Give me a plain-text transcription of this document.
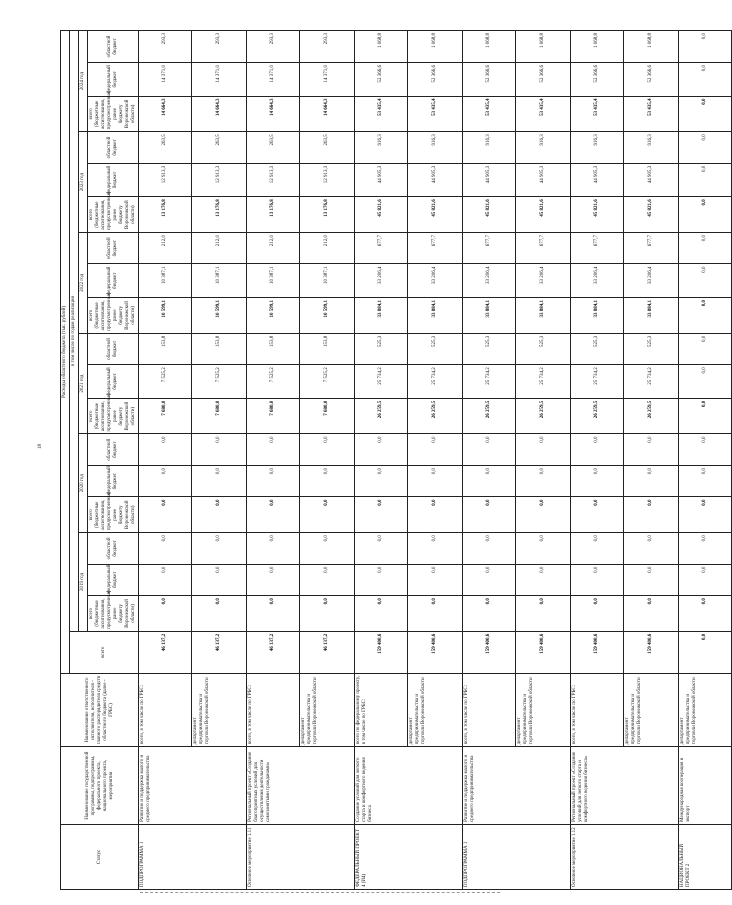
18
Статус	Наименование государственной программы, подпрограммы, федерального проекта, национального проекта, мероприятия	Наименование ответственного исполнителя, исполнителя - главного распорядителя средств областного бюджета (далее - ГРБС)	Расходы областного бюджета (тыс. рублей)																		
			всего	в том числе по годам реализации																	
				2019 год			2020 год			2021 год			2022 год			2023 год			2024 год		
				всего (бюджетные ассигнования, предусмотренные ранее бюджету Воронежской области)	федеральный бюджет	областной бюджет	всего (бюджетные ассигнования, предусмотренные ранее бюджету Воронежской области)	федеральный бюджет	областной бюджет	всего (бюджетные ассигнования, предусмотренные ранее бюджету Воронежской области)	федеральный бюджет	областной бюджет	всего (бюджетные ассигнования, предусмотренные ранее бюджету Воронежской области)	федеральный бюджет	областной бюджет	всего (бюджетные ассигнования, предусмотренные ранее бюджету Воронежской области)	федеральный бюджет	областной бюджет	всего (бюджетные ассигнования, предусмотренные ранее бюджету Воронежской области)	федеральный бюджет	областной бюджет
ПОДПРОГРАММА 1	Развитие и поддержка малого и среднего предпринимательства	всего, в том числе по ГРБС:	46 137,2	0,0	0,0	0,0	0,0	0,0	0,0	7 680,0	7 525,2	153,8	10 599,1	10 387,1	212,0	13 176,8	12 913,3	263,5	14 664,3	14 371,0	293,3
		департамент предпринимательства и торговли Воронежской области	46 137,2	0,0	0,0	0,0	0,0	0,0	0,0	7 680,0	7 525,2	153,8	10 599,1	10 387,1	212,0	13 176,8	12 913,3	263,5	14 664,3	14 371,0	293,3
Основное мероприятие 1.11	Региональный проект «Создание благоприятных условий для осуществления деятельности самозанятыми гражданами»	всего, в том числе по ГРБС:	46 137,2	0,0	0,0	0,0	0,0	0,0	0,0	7 680,0	7 525,2	153,8	10 599,1	10 387,1	212,0	13 176,8	12 913,3	263,5	14 664,3	14 371,0	293,3
		департамент предпринимательства и торговли Воронежской области	46 137,2	0,0	0,0	0,0	0,0	0,0	0,0	7 680,0	7 525,2	153,8	10 599,1	10 387,1	212,0	13 176,8	12 913,3	263,5	14 664,3	14 371,0	293,3
ФЕДЕРАЛЬНЫЙ ПРОЕКТ 4 (И4)	Создание условий для легкого старта и комфортного ведения бизнеса	всего по федеральному проекту, в том числе по ГРБС:	159 400,6	0,0	0,0	0,0	0,0	0,0	0,0	26 259,5	25 734,2	525,3	33 884,1	33 206,4	677,7	45 821,6	44 905,3	916,3	53 435,4	52 366,6	1 068,8
		департамент предпринимательства и торговли Воронежской области	159 400,6	0,0	0,0	0,0	0,0	0,0	0,0	26 259,5	25 734,2	525,3	33 884,1	33 206,4	677,7	45 821,6	44 905,3	916,3	53 435,4	52 366,6	1 068,8
ПОДПРОГРАММА 1	Развитие и поддержка малого и среднего предпринимательства	всего, в том числе по ГРБС:	159 400,6	0,0	0,0	0,0	0,0	0,0	0,0	26 259,5	25 734,2	525,3	33 884,1	33 206,4	677,7	45 821,6	44 905,3	916,3	53 435,4	52 366,6	1 068,8
		департамент предпринимательства и торговли Воронежской области	159 400,6	0,0	0,0	0,0	0,0	0,0	0,0	26 259,5	25 734,2	525,3	33 884,1	33 206,4	677,7	45 821,6	44 905,3	916,3	53 435,4	52 366,6	1 068,8
Основное мероприятие 1.12	Региональный проект «Создание условий для легкого старта и комфортного ведения бизнеса»	всего, в том числе по ГРБС:	159 400,6	0,0	0,0	0,0	0,0	0,0	0,0	26 259,5	25 734,2	525,3	33 884,1	33 206,4	677,7	45 821,6	44 905,3	916,3	53 435,4	52 366,6	1 068,8
		департамент предпринимательства и торговли Воронежской области	159 400,6	0,0	0,0	0,0	0,0	0,0	0,0	26 259,5	25 734,2	525,3	33 884,1	33 206,4	677,7	45 821,6	44 905,3	916,3	53 435,4	52 366,6	1 068,8
НАЦИОНАЛЬНЫЙ ПРОЕКТ 2	Международная кооперация и экспорт	департамент предпринимательства и торговли Воронежской области	0,0	0,0	0,0	0,0	0,0	0,0	0,0	0,0	0,0	0,0	0,0	0,0	0,0	0,0	0,0	0,0	0,0	0,0	0,0
